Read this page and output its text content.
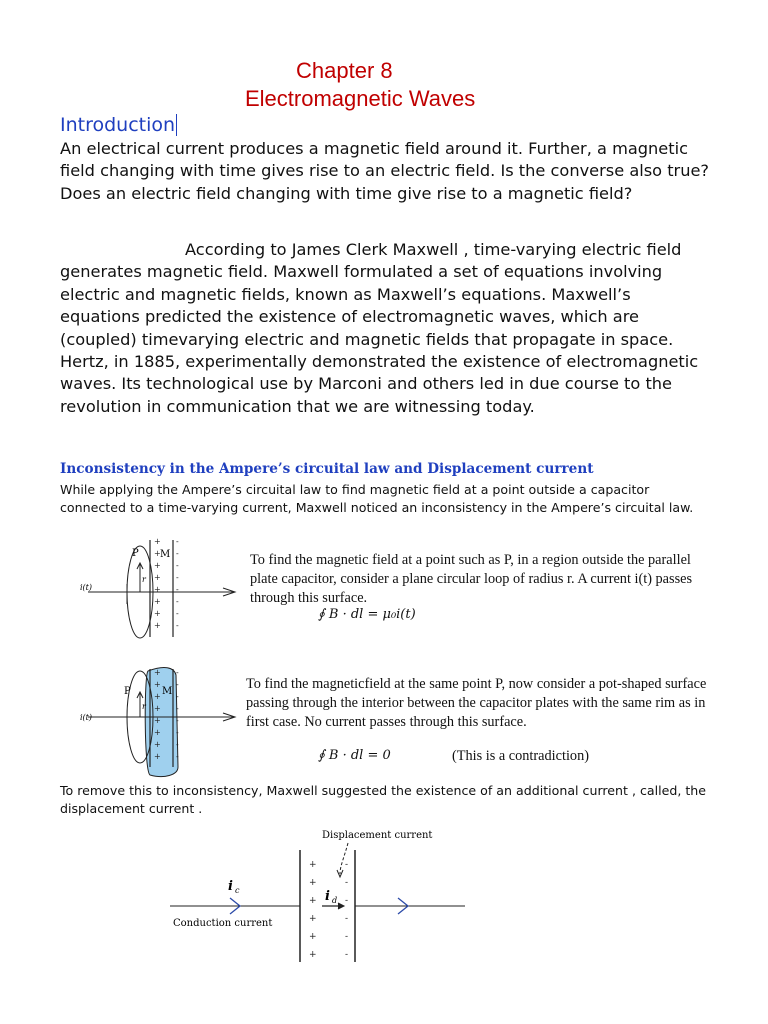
Chapter 8
Electromagnetic Waves
Introduction
An electrical current produces a magnetic field around it. Further, a magnetic field changing with time gives rise to an electric field. Is the converse also true? Does an electric field changing with time give rise to a magnetic field?
According to James Clerk Maxwell , time-varying electric field generates magnetic field. Maxwell formulated a set of equations involving electric and magnetic fields, known as Maxwell’s equations. Maxwell’s equations predicted the existence of electromagnetic waves, which are (coupled) timevarying electric and magnetic fields that propagate in space. Hertz, in 1885, experimentally demonstrated the existence of electromagnetic waves. Its technological use by Marconi and others led in due course to the revolution in communication that we are witnessing today.
Inconsistency in the Ampere’s circuital law and Displacement current
While applying the Ampere’s circuital law to find magnetic field at a point outside a capacitor connected to a time-varying current, Maxwell noticed an inconsistency in the Ampere’s circuital law.
+
+
+
+
+
+
+
+
-
-
-
-
-
-
-
-
P M
r
i(t)
To find the magnetic field at a point such as P, in a region outside the parallel plate capacitor, consider a plane circular loop of radius r. A current i(t) passes through this surface.
∮ B · dl = μ₀i(t)
+
+
+
+
+
+
+
+
-
-
-
-
-
-
-
-
P	M
r
i(t)
To find the magneticfield at the same point P, now consider a pot-shaped surface passing through the interior between the capacitor plates with the same rim as in first case. No current passes through this surface.
∮ B · dl = 0	(This is a contradiction)
To remove this to inconsistency, Maxwell suggested the existence of an additional current , called, the displacement current .
+
+
+
+
+
+
-
-
-
-
-
-
Displacement current
i c	i d
Conduction current
